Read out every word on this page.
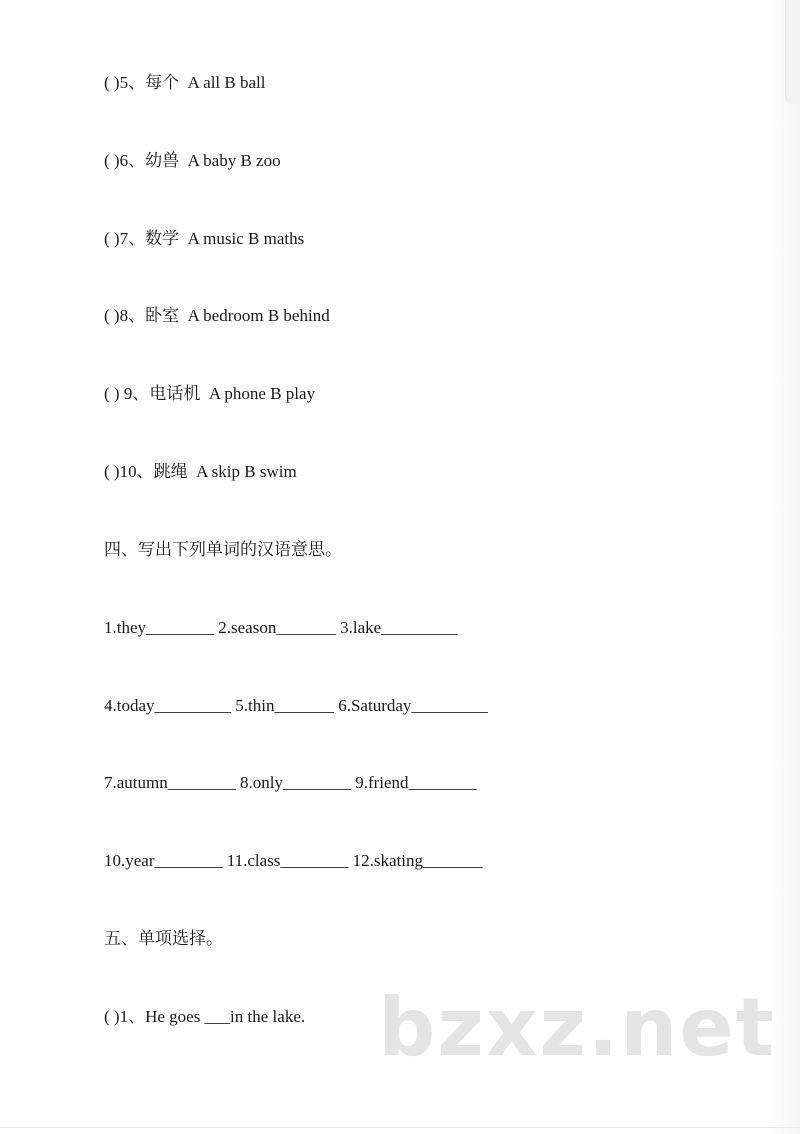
( )5、每个  A all B ball
( )6、幼兽  A baby B zoo
( )7、数学  A music B maths
( )8、卧室  A bedroom B behind
( ) 9、电话机  A phone B play
( )10、跳绳  A skip B swim
四、写出下列单词的汉语意思。
1.they________ 2.season_______ 3.lake_________
4.today_________ 5.thin_______ 6.Saturday_________
7.autumn________ 8.only________ 9.friend________
10.year________ 11.class________ 12.skating_______
五、单项选择。
( )1、He goes ___in the lake. bzxz.net
